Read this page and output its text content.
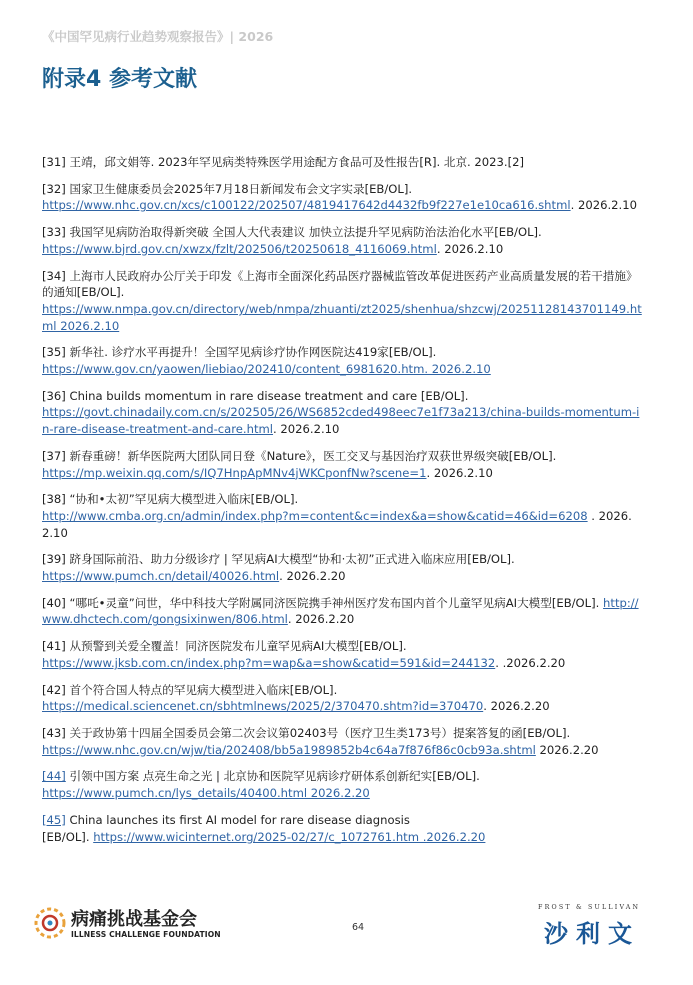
《中国罕见病行业趋势观察报告》| 2026
附录4 参考文献
[31] 王靖，邱文娟等. 2023年罕见病类特殊医学用途配方食品可及性报告[R]. 北京. 2023.[2]
[32] 国家卫生健康委员会2025年7月18日新闻发布会文字实录[EB/OL].
https://www.nhc.gov.cn/xcs/c100122/202507/4819417642d4432fb9f227e1e10ca616.shtml. 2026.2.10
[33] 我国罕见病防治取得新突破 全国人大代表建议 加快立法提升罕见病防治法治化水平[EB/OL].
https://www.bjrd.gov.cn/xwzx/fzlt/202506/t20250618_4116069.html. 2026.2.10
[34] 上海市人民政府办公厅关于印发《上海市全面深化药品医疗器械监管改革促进医药产业高质量发展的若干措施》的通知[EB/OL].
https://www.nmpa.gov.cn/directory/web/nmpa/zhuanti/zt2025/shenhua/shzcwj/20251128143701149.html 2026.2.10
[35] 新华社. 诊疗水平再提升！全国罕见病诊疗协作网医院达419家[EB/OL].
https://www.gov.cn/yaowen/liebiao/202410/content_6981620.htm. 2026.2.10
[36] China builds momentum in rare disease treatment and care [EB/OL].
https://govt.chinadaily.com.cn/s/202505/26/WS6852cded498eec7e1f73a213/china-builds-momentum-in-rare-disease-treatment-and-care.html. 2026.2.10
[37] 新春重磅！新华医院两大团队同日登《Nature》，医工交叉与基因治疗双获世界级突破[EB/OL].
https://mp.weixin.qq.com/s/IQ7HnpApMNv4jWKCponfNw?scene=1. 2026.2.10
[38] “协和•太初”罕见病大模型进入临床[EB/OL].
http://www.cmba.org.cn/admin/index.php?m=content&c=index&a=show&catid=46&id=6208 . 2026.2.10
[39] 跻身国际前沿、助力分级诊疗 | 罕见病AI大模型“协和·太初”正式进入临床应用[EB/OL].
https://www.pumch.cn/detail/40026.html. 2026.2.20
[40] “哪吒•灵童”问世，华中科技大学附属同济医院携手神州医疗发布国内首个儿童罕见病AI大模型[EB/OL]. http://www.dhctech.com/gongsixinwen/806.html. 2026.2.20
[41] 从预警到关爱全覆盖！同济医院发布儿童罕见病AI大模型[EB/OL].
https://www.jksb.com.cn/index.php?m=wap&a=show&catid=591&id=244132. .2026.2.20
[42] 首个符合国人特点的罕见病大模型进入临床[EB/OL].
https://medical.sciencenet.cn/sbhtmlnews/2025/2/370470.shtm?id=370470. 2026.2.20
[43] 关于政协第十四届全国委员会第二次会议第02403号（医疗卫生类173号）提案答复的函[EB/OL].
https://www.nhc.gov.cn/wjw/tia/202408/bb5a1989852b4c64a7f876f86c0cb93a.shtml 2026.2.20
[44] 引领中国方案 点亮生命之光 | 北京协和医院罕见病诊疗研体系创新纪实[EB/OL].
https://www.pumch.cn/lys_details/40400.html 2026.2.20
[45] China launches its first AI model for rare disease diagnosis
[EB/OL]. https://www.wicinternet.org/2025-02/27/c_1072761.htm .2026.2.20
病痛挑战基金会
ILLNESS CHALLENGE FOUNDATION
64
FROST & SULLIVAN
沙利文
